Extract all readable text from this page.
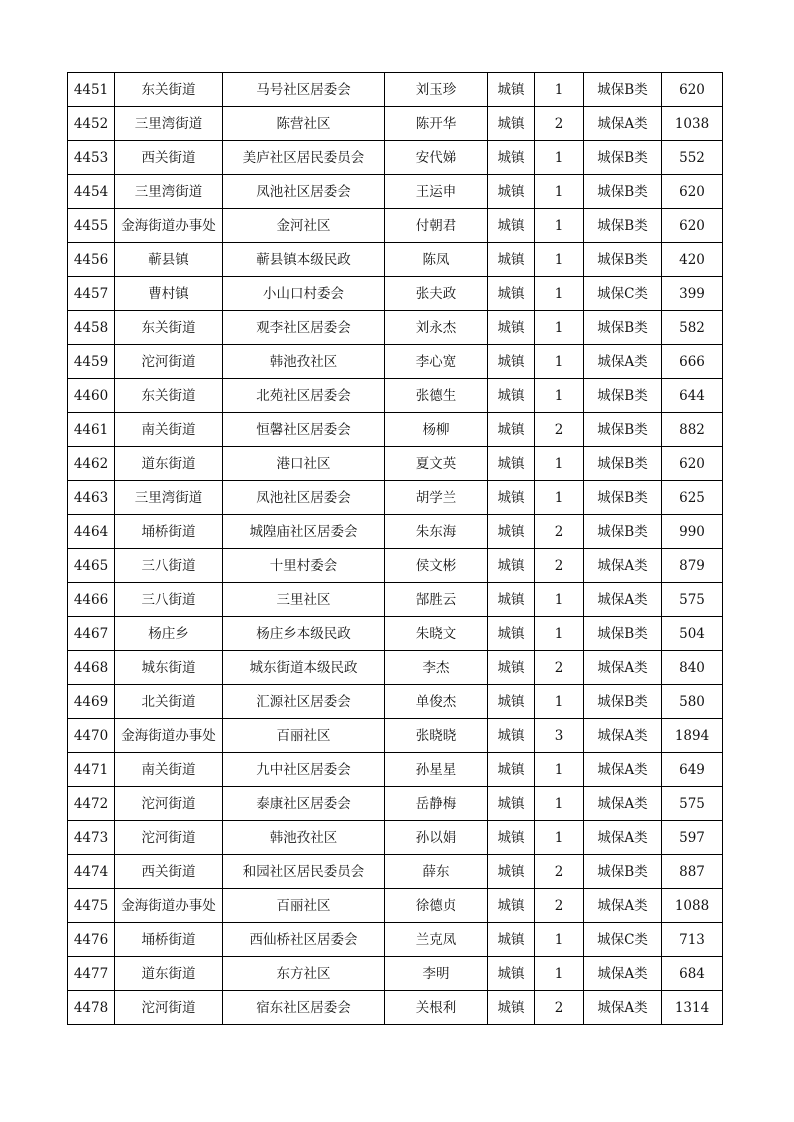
4451	东关街道	马号社区居委会	刘玉珍	城镇	1	城保B类	620
4452	三里湾街道	陈营社区	陈开华	城镇	2	城保A类	1038
4453	西关街道	美庐社区居民委员会	安代娣	城镇	1	城保B类	552
4454	三里湾街道	凤池社区居委会	王运申	城镇	1	城保B类	620
4455	金海街道办事处	金河社区	付朝君	城镇	1	城保B类	620
4456	蕲县镇	蕲县镇本级民政	陈凤	城镇	1	城保B类	420
4457	曹村镇	小山口村委会	张夫政	城镇	1	城保C类	399
4458	东关街道	观李社区居委会	刘永杰	城镇	1	城保B类	582
4459	沱河街道	韩池孜社区	李心宽	城镇	1	城保A类	666
4460	东关街道	北苑社区居委会	张德生	城镇	1	城保B类	644
4461	南关街道	恒馨社区居委会	杨柳	城镇	2	城保B类	882
4462	道东街道	港口社区	夏文英	城镇	1	城保B类	620
4463	三里湾街道	凤池社区居委会	胡学兰	城镇	1	城保B类	625
4464	埇桥街道	城隍庙社区居委会	朱东海	城镇	2	城保B类	990
4465	三八街道	十里村委会	侯文彬	城镇	2	城保A类	879
4466	三八街道	三里社区	郜胜云	城镇	1	城保A类	575
4467	杨庄乡	杨庄乡本级民政	朱晓文	城镇	1	城保B类	504
4468	城东街道	城东街道本级民政	李杰	城镇	2	城保A类	840
4469	北关街道	汇源社区居委会	单俊杰	城镇	1	城保B类	580
4470	金海街道办事处	百丽社区	张晓晓	城镇	3	城保A类	1894
4471	南关街道	九中社区居委会	孙星星	城镇	1	城保A类	649
4472	沱河街道	泰康社区居委会	岳静梅	城镇	1	城保A类	575
4473	沱河街道	韩池孜社区	孙以娟	城镇	1	城保A类	597
4474	西关街道	和园社区居民委员会	薛东	城镇	2	城保B类	887
4475	金海街道办事处	百丽社区	徐德贞	城镇	2	城保A类	1088
4476	埇桥街道	西仙桥社区居委会	兰克凤	城镇	1	城保C类	713
4477	道东街道	东方社区	李明	城镇	1	城保A类	684
4478	沱河街道	宿东社区居委会	关根利	城镇	2	城保A类	1314
